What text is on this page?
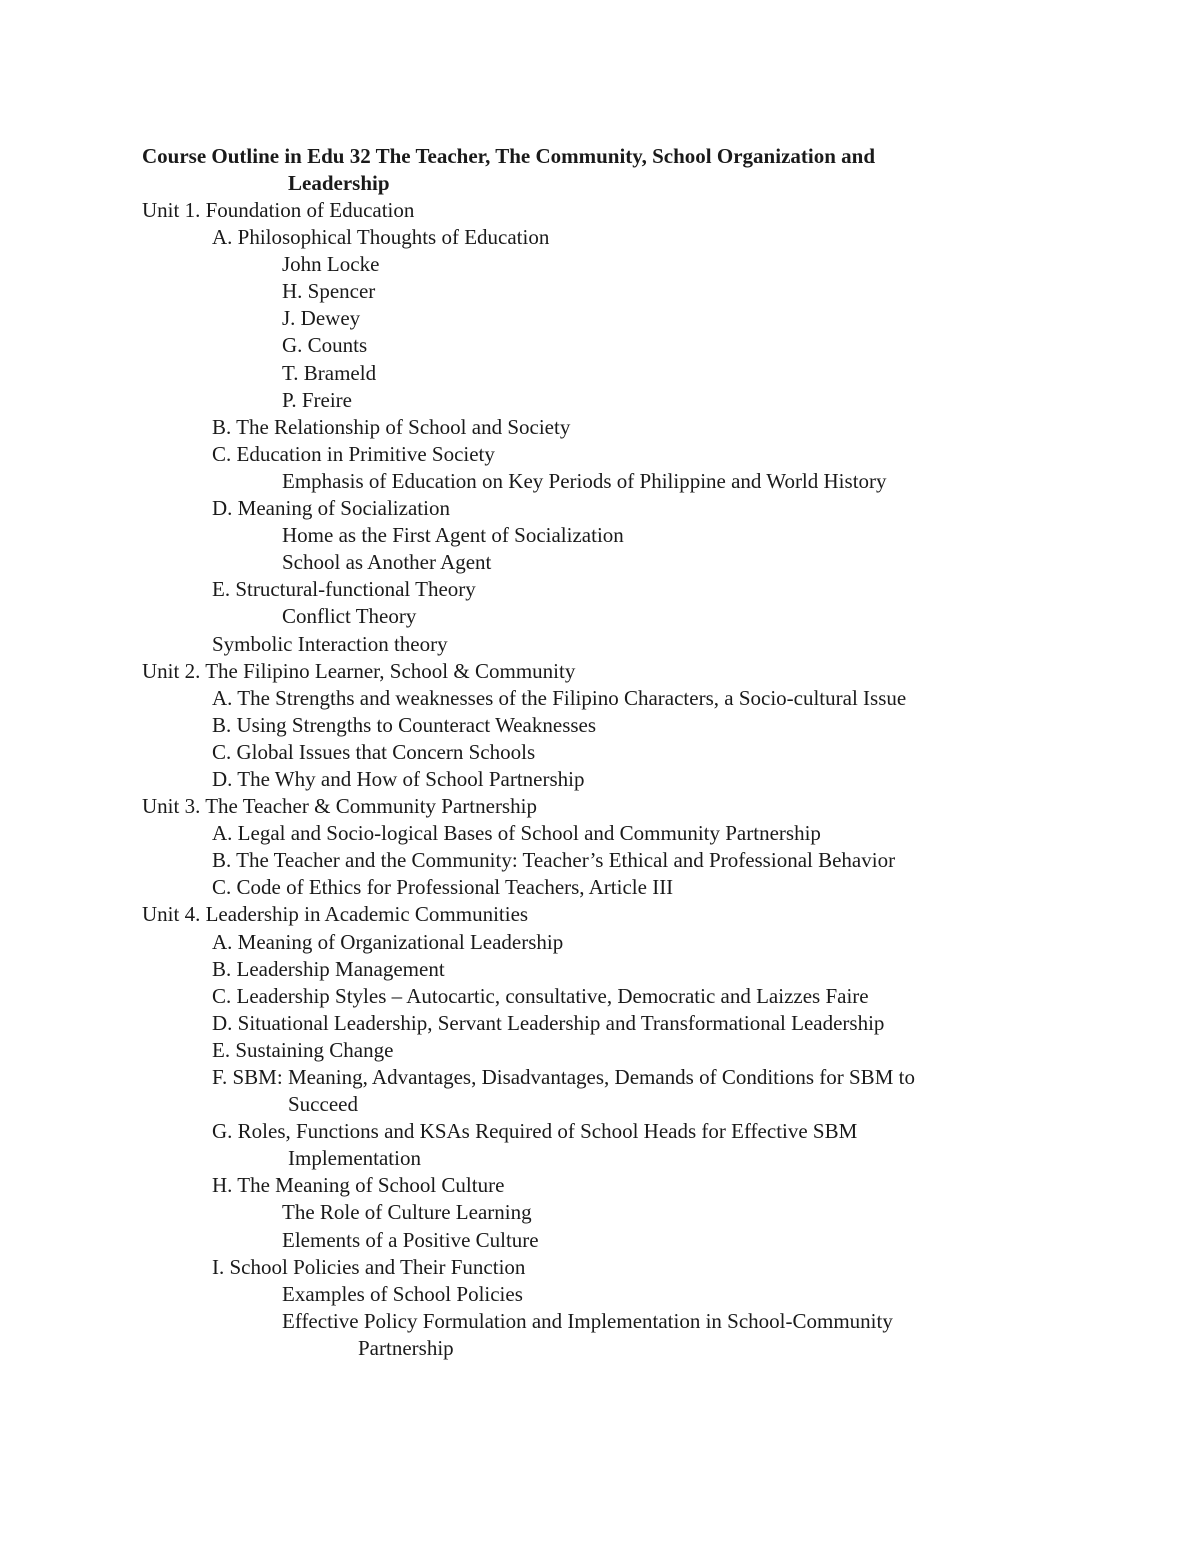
Course Outline in Edu 32 The Teacher, The Community, School Organization and
Leadership
Unit 1. Foundation of Education
A. Philosophical Thoughts of Education
John Locke
H. Spencer
J. Dewey
G. Counts
T. Brameld
P. Freire
B. The Relationship of School and Society
C. Education in Primitive Society
Emphasis of Education on Key Periods of Philippine and World History
D. Meaning of Socialization
Home as the First Agent of Socialization
School as Another Agent
E. Structural-functional Theory
Conflict Theory
Symbolic Interaction theory
Unit 2. The Filipino Learner, School & Community
A. The Strengths and weaknesses of the Filipino Characters, a Socio-cultural Issue
B. Using Strengths to Counteract Weaknesses
C. Global Issues that Concern Schools
D. The Why and How of School Partnership
Unit 3. The Teacher & Community Partnership
A. Legal and Socio-logical Bases of School and Community Partnership
B. The Teacher and the Community: Teacher’s Ethical and Professional Behavior
C. Code of Ethics for Professional Teachers, Article III
Unit 4. Leadership in Academic Communities
A. Meaning of Organizational Leadership
B. Leadership Management
C. Leadership Styles – Autocartic, consultative, Democratic and Laizzes Faire
D. Situational Leadership, Servant Leadership and Transformational Leadership
E. Sustaining Change
F. SBM: Meaning, Advantages, Disadvantages, Demands of Conditions for SBM to
Succeed
G. Roles, Functions and KSAs Required of School Heads for Effective SBM
Implementation
H. The Meaning of School Culture
The Role of Culture Learning
Elements of a Positive Culture
I. School Policies and Their Function
Examples of School Policies
Effective Policy Formulation and Implementation in School-Community
Partnership
